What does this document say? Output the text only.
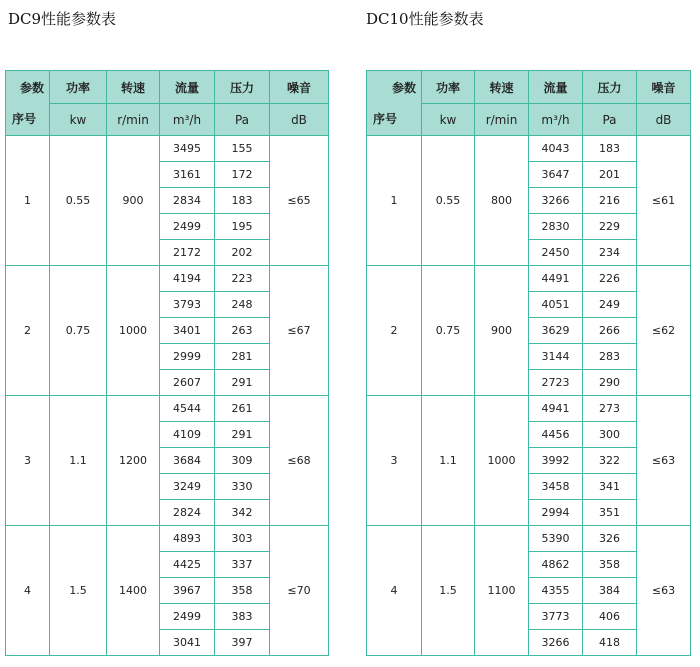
DC9性能参数表	DC10性能参数表
参数
序号	功率	转速	流量	压力	噪音
	kw	r/min	m³/h	Pa	dB
1	0.55	900	3495	155	≤65
			3161	172	
			2834	183	
			2499	195	
			2172	202	
2	0.75	1000	4194	223	≤67
			3793	248	
			3401	263	
			2999	281	
			2607	291	
3	1.1	1200	4544	261	≤68
			4109	291	
			3684	309	
			3249	330	
			2824	342	
4	1.5	1400	4893	303	≤70
			4425	337	
			3967	358	
			2499	383	
			3041	397	
参数
序号	功率	转速	流量	压力	噪音
	kw	r/min	m³/h	Pa	dB
1	0.55	800	4043	183	≤61
			3647	201	
			3266	216	
			2830	229	
			2450	234	
2	0.75	900	4491	226	≤62
			4051	249	
			3629	266	
			3144	283	
			2723	290	
3	1.1	1000	4941	273	≤63
			4456	300	
			3992	322	
			3458	341	
			2994	351	
4	1.5	1100	5390	326	≤63
			4862	358	
			4355	384	
			3773	406	
			3266	418	
